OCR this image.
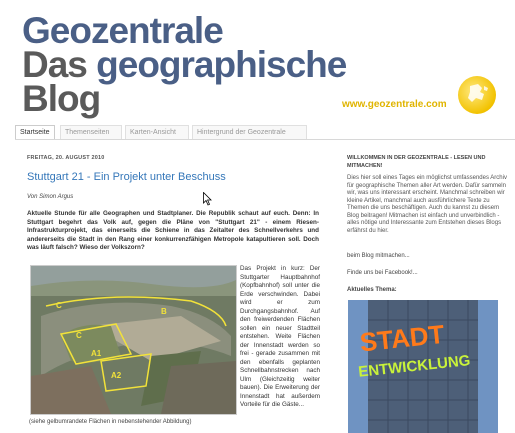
Geozentrale
Das geographische
Blog	www.geozentrale.com
Startseite	Themenseiten	Karten-Ansicht	Hintergrund der Geozentrale
FREITAG, 20. AUGUST 2010
Stuttgart 21 - Ein Projekt unter Beschuss
Von Simon Argus
Aktuelle Stunde für alle Geographen und Stadtplaner. Die Republik schaut auf euch. Denn: In Stuttgart begehrt das Volk auf, gegen die Pläne von "Stuttgart 21" - einem Riesen-Infrastrukturprojekt, das einerseits die Schiene in das Zeitalter des Schnellverkehrs und andererseits die Stadt in den Rang einer konkurrenzfähigen Metropole katapultieren soll. Doch was läuft falsch? Wieso der Volkszorn?
C
B
C
A1
A2
Das Projekt in kurz: Der Stuttgarter Hauptbahnhof (Kopfbahnhof) soll unter die Erde verschwinden. Dabei wird er zum Durchgangsbahnhof. Auf den freiwerdenden Flächen sollen ein neuer Stadtteil entstehen. Weite Flächen der Innenstadt werden so frei - gerade zusammen mit den ebenfalls geplanten Schnellbahnstrecken nach Ulm (Gleichzeitig weiter bauen). Die Erweiterung der Innenstadt hat außerdem Vorteile für die Gäste...
(siehe gelbumrandete Flächen in nebenstehender Abbildung)
WILLKOMMEN IN DER GEOZENTRALE - LESEN UND MITMACHEN!
Dies hier soll eines Tages ein möglichst umfassendes Archiv für geographische Themen aller Art werden. Dafür sammeln wir, was uns interessant erscheint. Manchmal schreiben wir kleine Artikel, manchmal auch ausführlichere Texte zu Themen die uns beschäftigen. Auch du kannst zu diesem Blog beitragen! Mitmachen ist einfach und unverbindlich - alles nötige und Interessante zum Entstehen dieses Blogs erfährst du hier.
beim Blog mitmachen...
Finde uns bei Facebook!...
Aktuelles Thema:
STADT
ENTWICKLUNG
